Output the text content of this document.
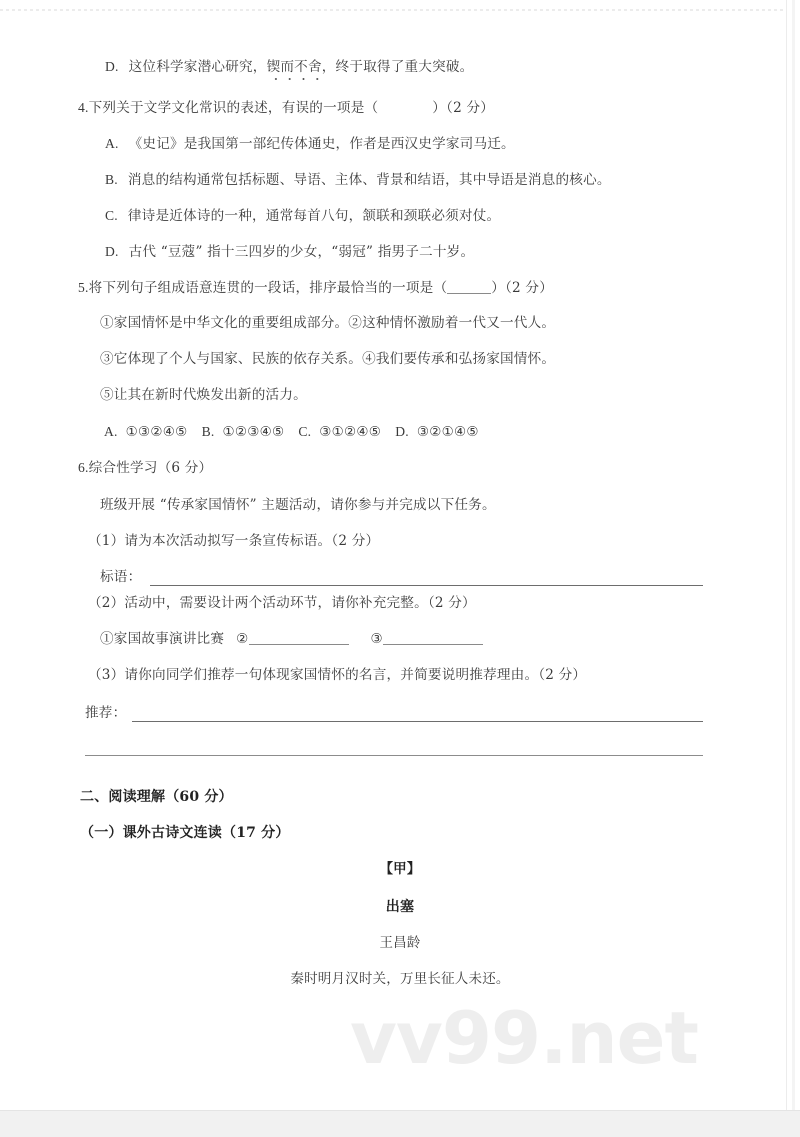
D. 这位科学家潜心研究，锲而不舍，终于取得了重大突破。
4.下列关于文学文化常识的表述，有误的一项是（	）（2 分）
A. 《史记》是我国第一部纪传体通史，作者是西汉史学家司马迁。
B. 消息的结构通常包括标题、导语、主体、背景和结语，其中导语是消息的核心。
C. 律诗是近体诗的一种，通常每首八句，颔联和颈联必须对仗。
D. 古代 “豆蔻” 指十三四岁的少女，“弱冠” 指男子二十岁。
5.将下列句子组成语意连贯的一段话，排序最恰当的一项是（	）（2 分）
①家国情怀是中华文化的重要组成部分。②这种情怀激励着一代又一代人。
③它体现了个人与国家、民族的依存关系。④我们要传承和弘扬家国情怀。
⑤让其在新时代焕发出新的活力。
A. ①③②④⑤ B. ①②③④⑤ C. ③①②④⑤ D. ③②①④⑤
6.综合性学习（6 分）
班级开展 “传承家国情怀” 主题活动，请你参与并完成以下任务。
（1）请为本次活动拟写一条宣传标语。（2 分）
标语：
（2）活动中，需要设计两个活动环节，请你补充完整。（2 分）
①家国故事演讲比赛 ②	③
（3）请你向同学们推荐一句体现家国情怀的名言，并简要说明推荐理由。（2 分）
推荐：
二、阅读理解（60 分）
（一）课外古诗文连读（17 分）
【甲】
出塞
王昌龄
秦时明月汉时关，万里长征人未还。
vv99.net
